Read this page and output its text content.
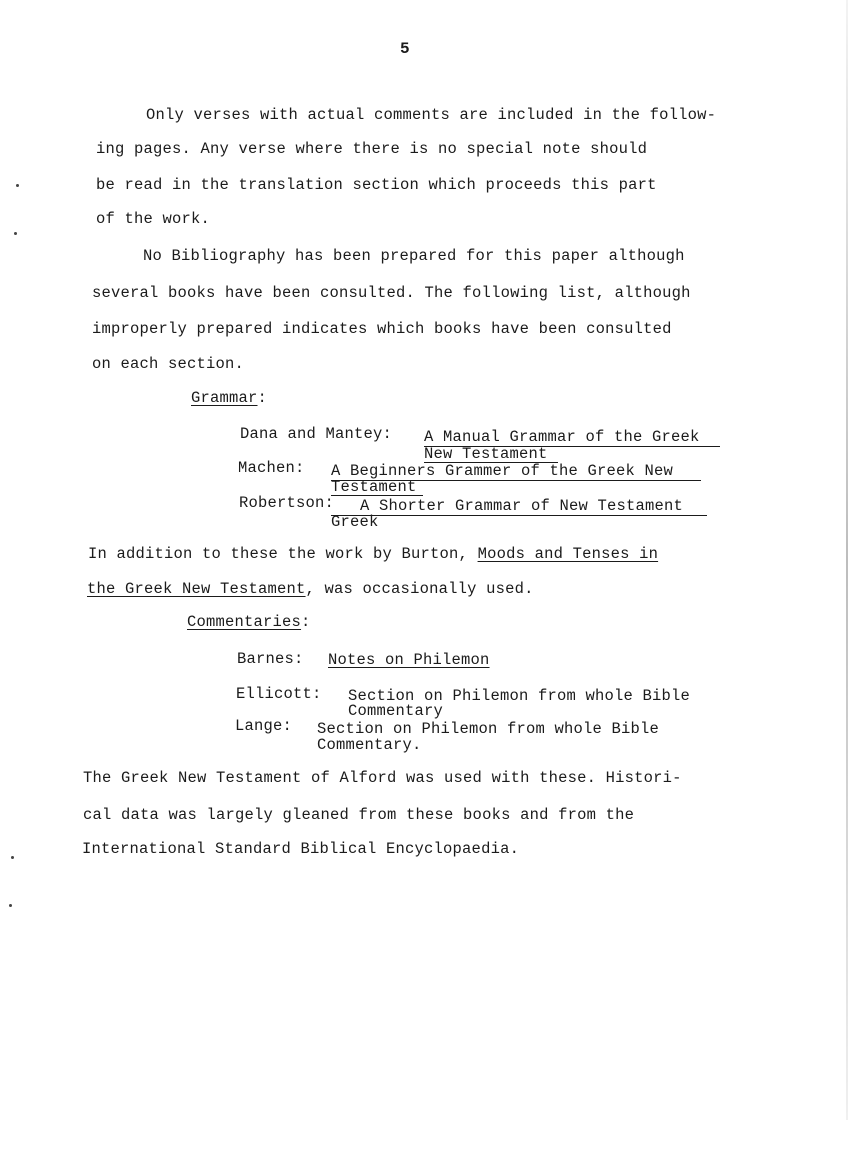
5
Only verses with actual comments are included in the follow-
ing pages. Any verse where there is no special note should
be read in the translation section which proceeds this part
of the work.
No Bibliography has been prepared for this paper although
several books have been consulted. The following list, although
improperly prepared indicates which books have been consulted
on each section.
Grammar:
Dana and Mantey: A Manual Grammar of the Greek
New Testament
Machen: A Beginners Grammer of the Greek New
Testament
Robertson: A Shorter Grammar of New Testament
Greek
In addition to these the work by Burton, Moods and Tenses in
the Greek New Testament, was occasionally used.
Commentaries:
Barnes: Notes on Philemon
Ellicott: Section on Philemon from whole Bible
Commentary
Lange: Section on Philemon from whole Bible
Commentary.
The Greek New Testament of Alford was used with these. Histori-
cal data was largely gleaned from these books and from the
International Standard Biblical Encyclopaedia.
